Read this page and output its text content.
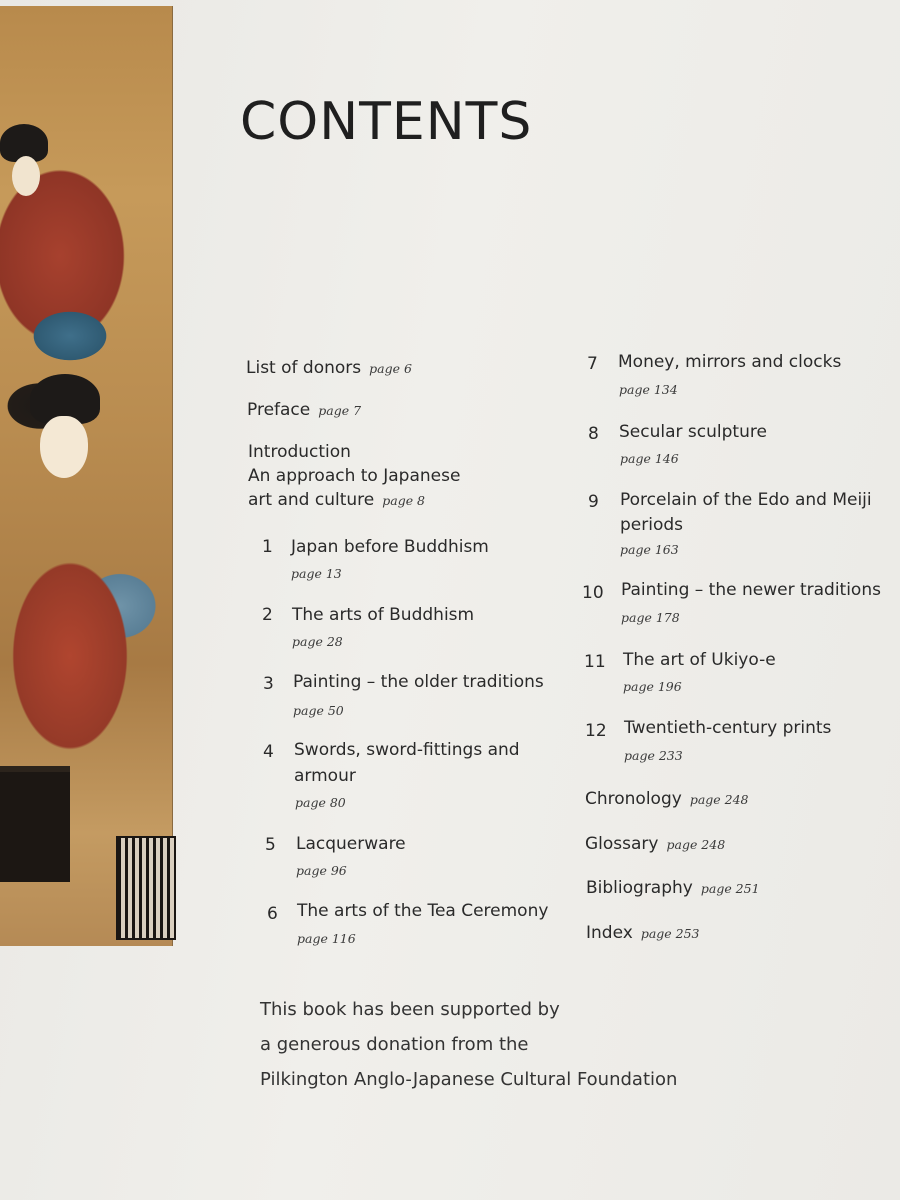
CONTENTS
List of donors page 6
Preface page 7
Introduction
An approach to Japanese
art and culture page 8
1 Japan before Buddhism
page 13
2 The arts of Buddhism
page 28
3 Painting – the older traditions
page 50
4 Swords, sword-fittings and
armour
page 80
5 Lacquerware
page 96
6 The arts of the Tea Ceremony
page 116
7 Money, mirrors and clocks
page 134
8 Secular sculpture
page 146
9 Porcelain of the Edo and Meiji
periods
page 163
10 Painting – the newer traditions
page 178
11 The art of Ukiyo-e
page 196
12 Twentieth-century prints
page 233
Chronology page 248
Glossary page 248
Bibliography page 251
Index page 253
This book has been supported by
a generous donation from the
Pilkington Anglo-Japanese Cultural Foundation
